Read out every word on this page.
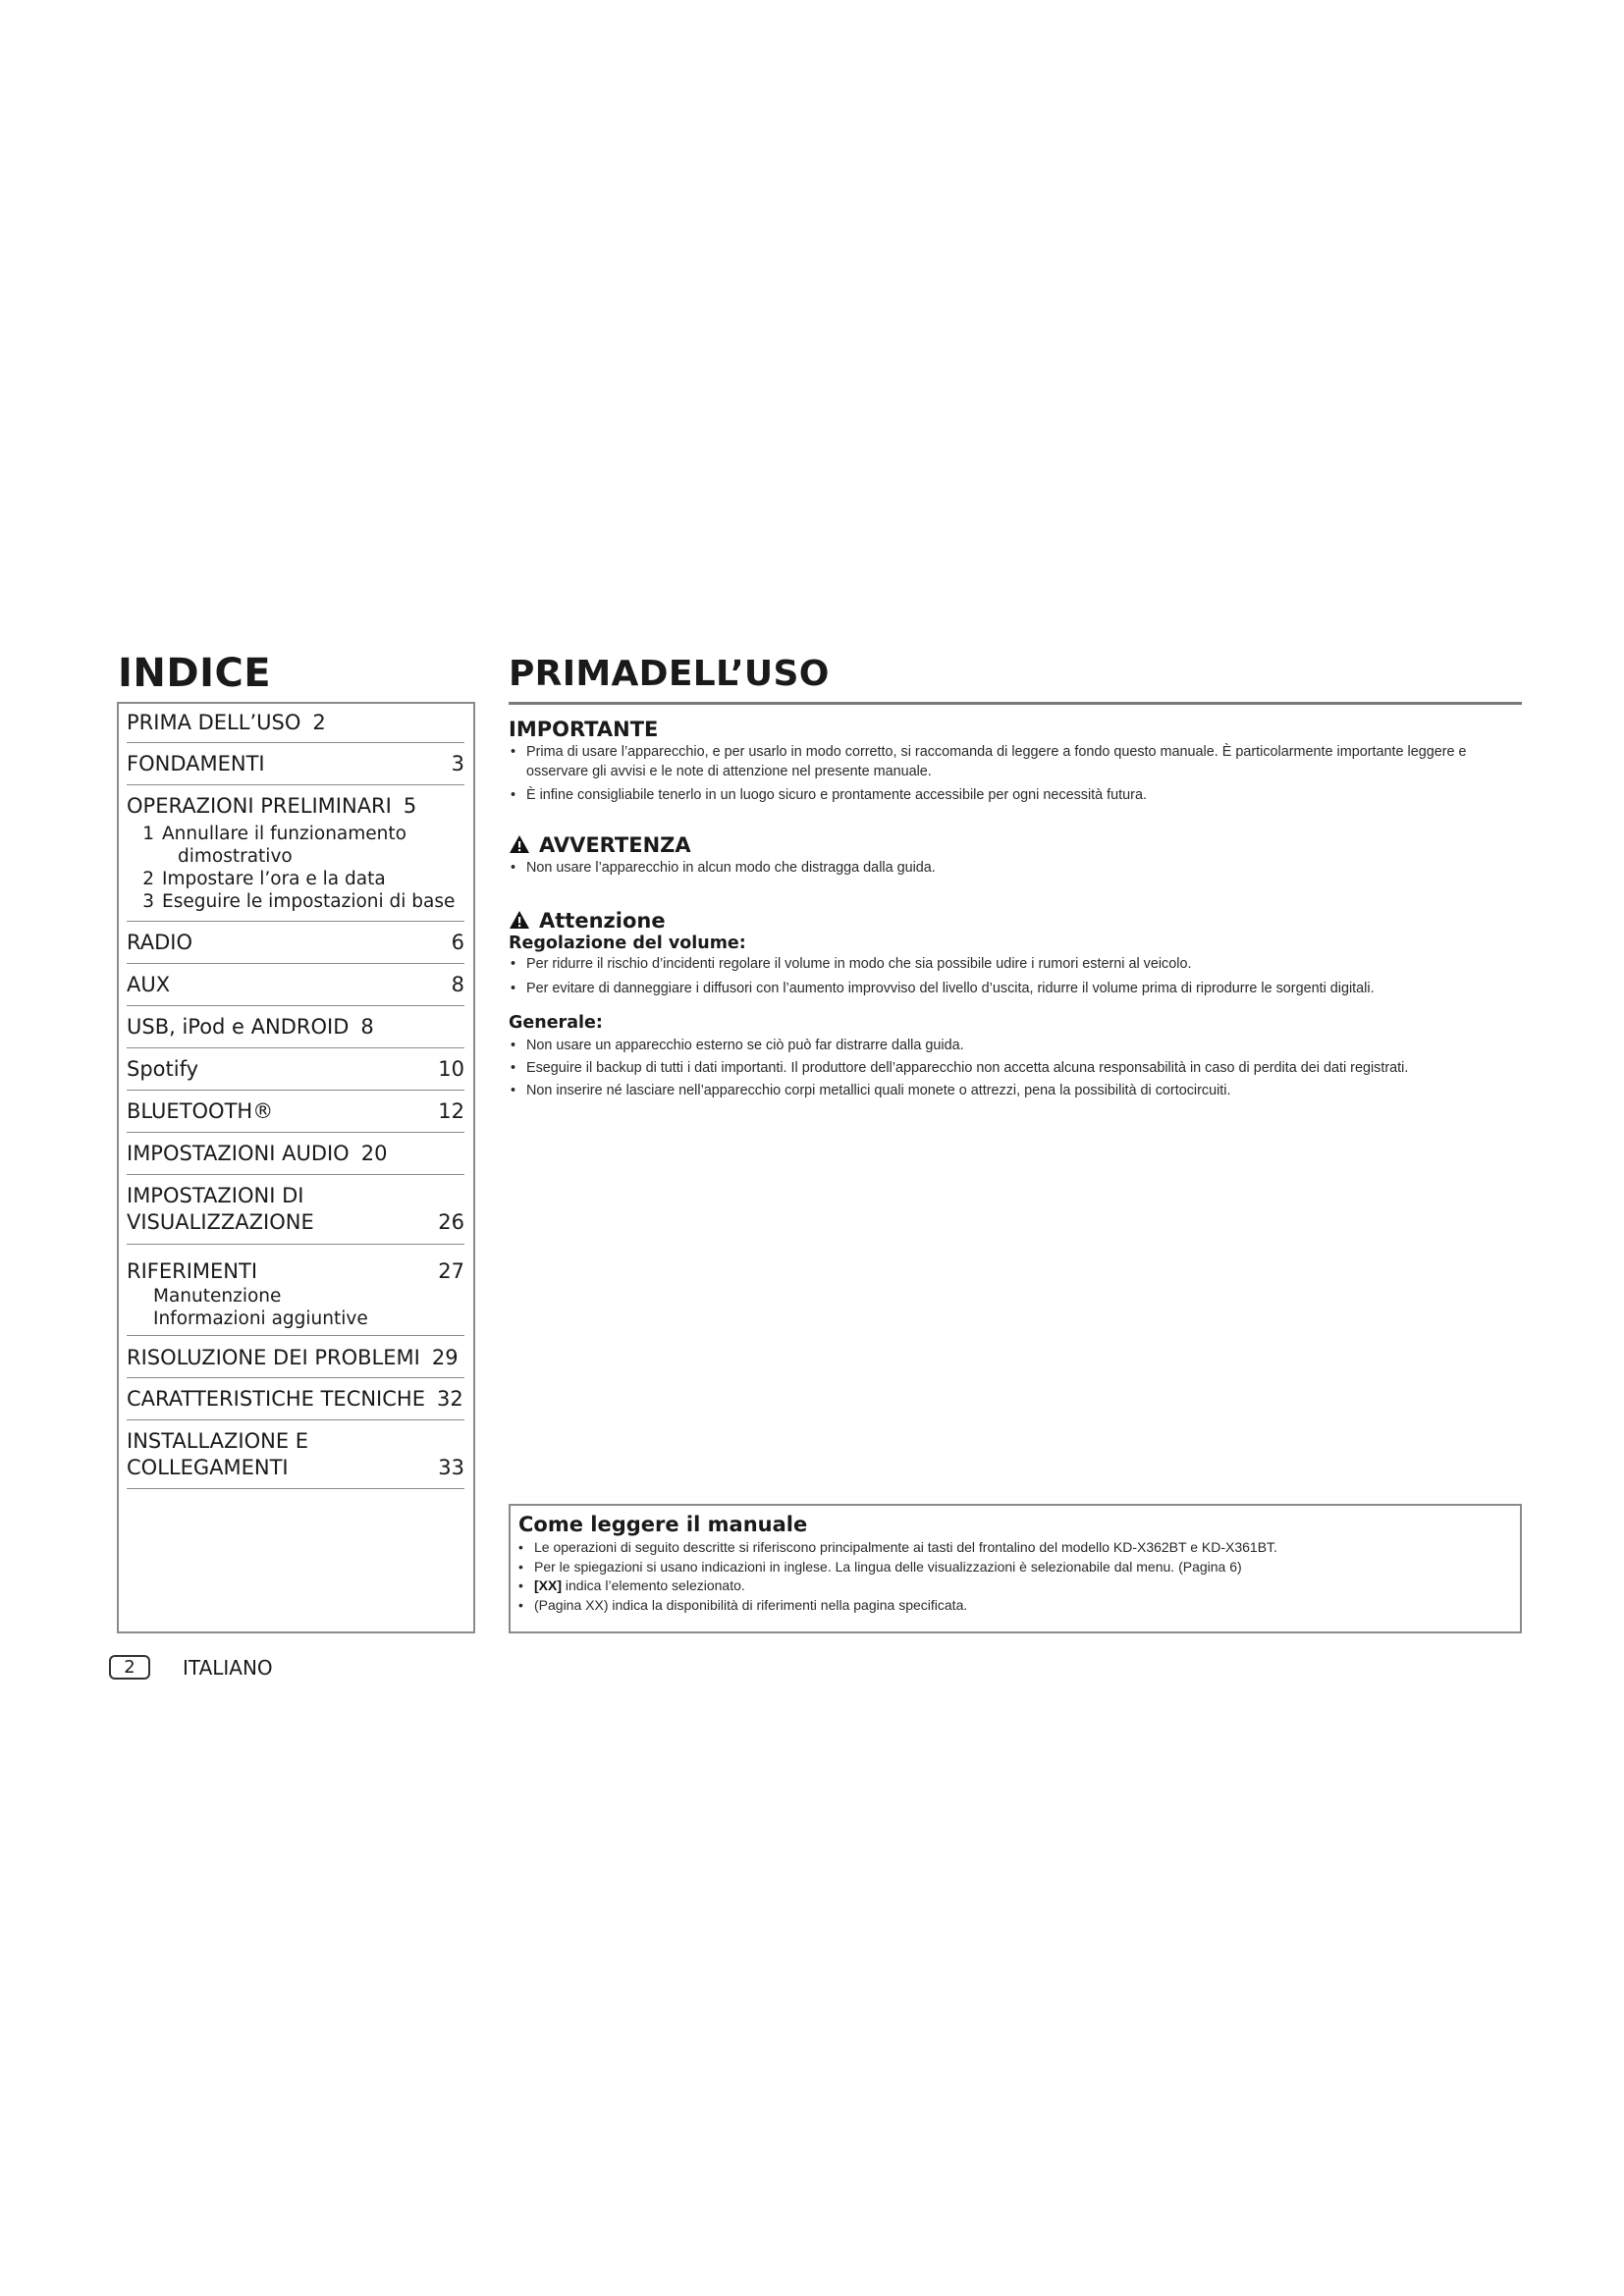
INDICE
PRIMA DELL’USO 2
FONDAMENTI	3
OPERAZIONI PRELIMINARI 5
1 Annullare il funzionamento
dimostrativo
2 Impostare l’ora e la data
3 Eseguire le impostazioni di base
RADIO	6
AUX	8
USB, iPod e ANDROID 8
Spotify	10
BLUETOOTH®	12
IMPOSTAZIONI AUDIO 20
IMPOSTAZIONI DI
VISUALIZZAZIONE	26
RIFERIMENTI	27
Manutenzione
Informazioni aggiuntive
RISOLUZIONE DEI PROBLEMI 29
CARATTERISTICHE TECNICHE 32
INSTALLAZIONE E
COLLEGAMENTI	33
PRIMADELL’USO
IMPORTANTE
• Prima di usare l’apparecchio, e per usarlo in modo corretto, si raccomanda di leggere a fondo questo manuale. È particolarmente importante leggere e osservare gli avvisi e le note di attenzione nel presente manuale.
• È infine consigliabile tenerlo in un luogo sicuro e prontamente accessibile per ogni necessità futura.
AVVERTENZA
• Non usare l’apparecchio in alcun modo che distragga dalla guida.
Attenzione
Regolazione del volume:
• Per ridurre il rischio d’incidenti regolare il volume in modo che sia possibile udire i rumori esterni al veicolo.
• Per evitare di danneggiare i diffusori con l’aumento improvviso del livello d’uscita, ridurre il volume prima di riprodurre le sorgenti digitali.
Generale:
• Non usare un apparecchio esterno se ciò può far distrarre dalla guida.
• Eseguire il backup di tutti i dati importanti. Il produttore dell’apparecchio non accetta alcuna responsabilità in caso di perdita dei dati registrati.
• Non inserire né lasciare nell’apparecchio corpi metallici quali monete o attrezzi, pena la possibilità di cortocircuiti.
Come leggere il manuale
• Le operazioni di seguito descritte si riferiscono principalmente ai tasti del frontalino del modello KD-X362BT e KD-X361BT.
• Per le spiegazioni si usano indicazioni in inglese. La lingua delle visualizzazioni è selezionabile dal menu. (Pagina 6)
• [XX] indica l’elemento selezionato.
• (Pagina XX) indica la disponibilità di riferimenti nella pagina specificata.
2	ITALIANO
